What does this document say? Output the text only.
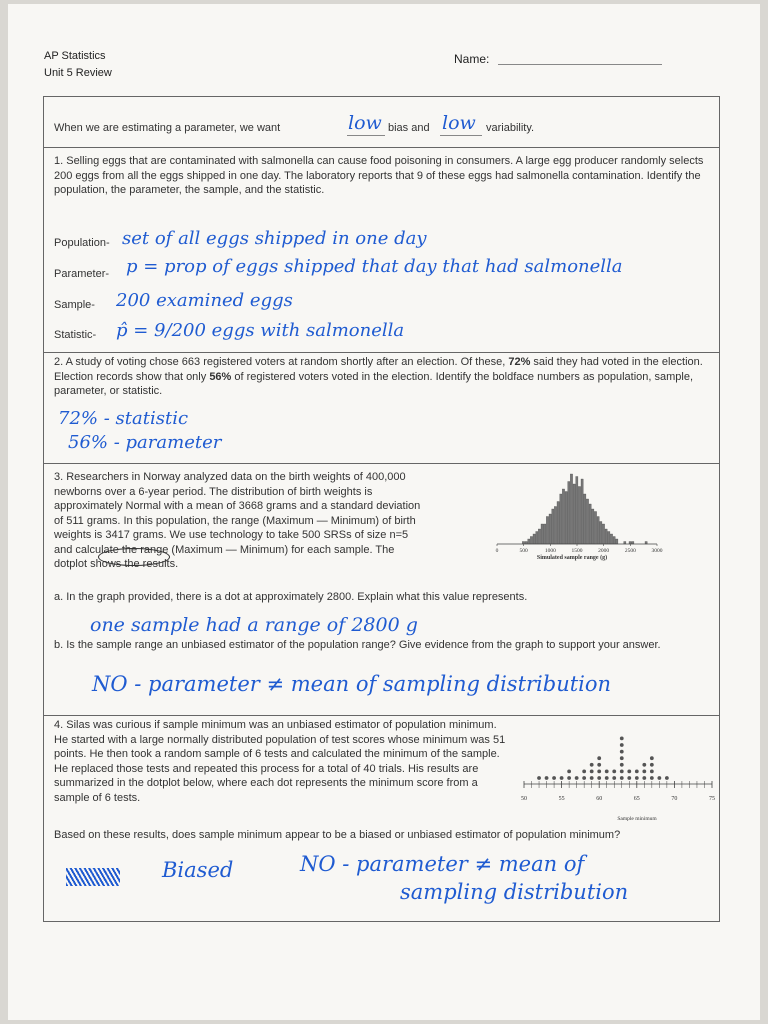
AP Statistics
Unit 5 Review
Name:
When we are estimating a parameter, we want	low bias and low variability.
1. Selling eggs that are contaminated with salmonella can cause food poisoning in consumers. A large egg producer randomly selects 200 eggs from all the eggs shipped in one day. The laboratory reports that 9 of these eggs had salmonella contamination. Identify the population, the parameter, the sample, and the statistic.
Population- set of all eggs shipped in one day
Parameter- p = prop of eggs shipped that day that had salmonella
Sample- 200 examined eggs
Statistic- p̂ = 9/200 eggs with salmonella
2. A study of voting chose 663 registered voters at random shortly after an election. Of these, 72% said they had voted in the election. Election records show that only 56% of registered voters voted in the election. Identify the boldface numbers as population, sample, parameter, or statistic.
72% - statistic
56% - parameter
3. Researchers in Norway analyzed data on the birth weights of 400,000 newborns over a 6-year period. The distribution of birth weights is approximately Normal with a mean of 3668 grams and a standard deviation of 511 grams. In this population, the range (Maximum — Minimum) of birth weights is 3417 grams. We use technology to take 500 SRSs of size n=5 and calculate the range (Maximum — Minimum) for each sample. The dotplot shows the results.
0	500	1000	1500	2000	2500	3000
Simulated sample range (g)
a. In the graph provided, there is a dot at approximately 2800. Explain what this value represents.
one sample had a range of 2800 g
b. Is the sample range an unbiased estimator of the population range? Give evidence from the graph to support your answer.
NO - parameter ≠ mean of sampling distribution
4. Silas was curious if sample minimum was an unbiased estimator of population minimum. He started with a large normally distributed population of test scores whose minimum was 51 points. He then took a random sample of 6 tests and calculated the minimum of the sample. He replaced those tests and repeated this process for a total of 40 trials. His results are summarized in the dotplot below, where each dot represents the minimum score from a sample of 6 tests.	50	55	60	65	70	75
Sample minimum
Based on these results, does sample minimum appear to be a biased or unbiased estimator of population minimum?
Biased	NO - parameter ≠ mean of
sampling distribution
